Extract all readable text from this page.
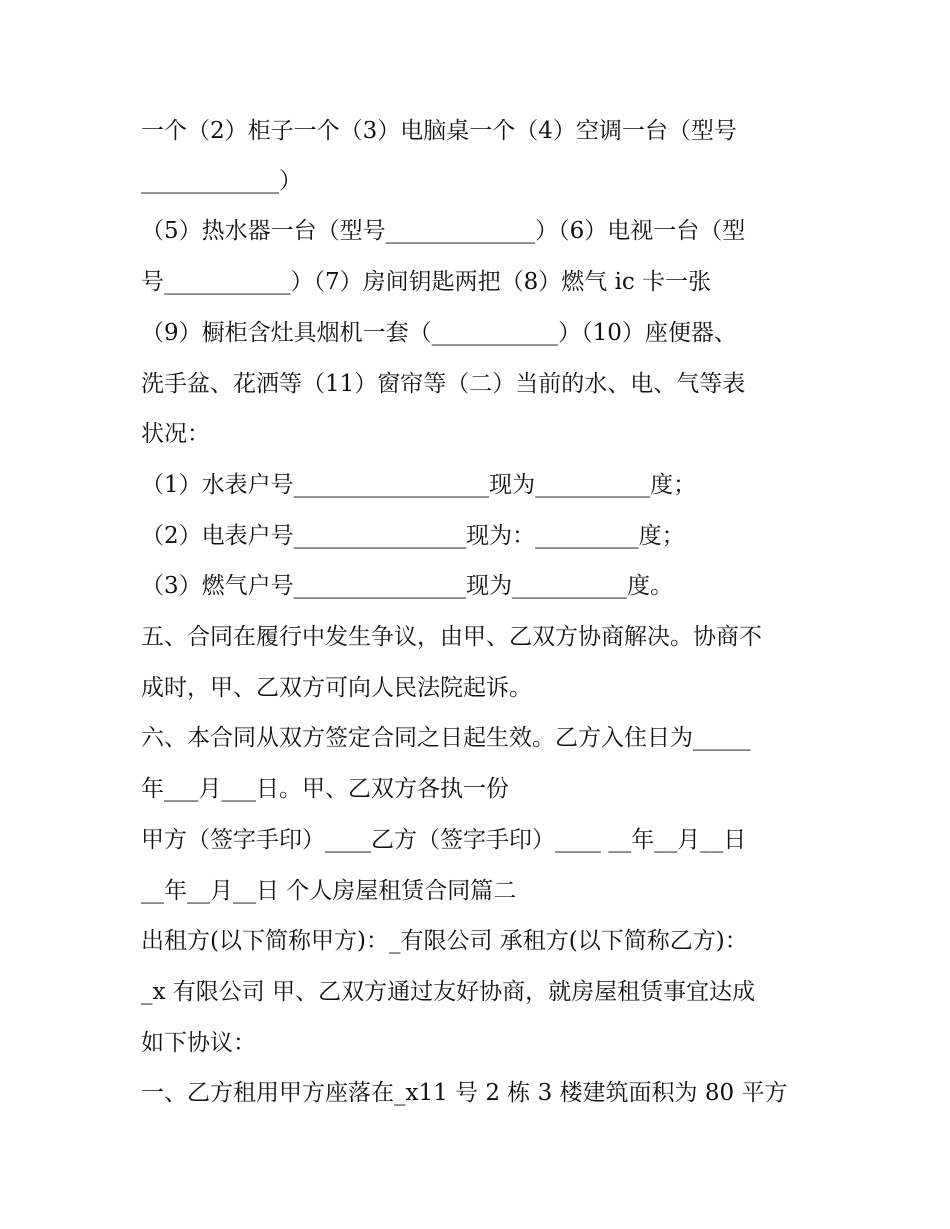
一个（2）柜子一个（3）电脑桌一个（4）空调一台（型号

____________）

（5）热水器一台（型号_____________）（6）电视一台（型

号___________）（7）房间钥匙两把（8）燃气 ic 卡一张

（9）橱柜含灶具烟机一套（___________）（10）座便器、

洗手盆、花洒等（11）窗帘等（二）当前的水、电、气等表

状况：

（1）水表户号_________________现为__________度；

（2）电表户号_______________现为：_________度；

（3）燃气户号_______________现为__________度。

五、合同在履行中发生争议，由甲、乙双方协商解决。协商不

成时，甲、乙双方可向人民法院起诉。

六、本合同从双方签定合同之日起生效。乙方入住日为_____

年___月___日。甲、乙双方各执一份

甲方（签字手印）____乙方（签字手印）____ __年__月__日

__年__月__日 个人房屋租赁合同篇二

出租方(以下简称甲方)：_有限公司 承租方(以下简称乙方)：

_x 有限公司 甲、乙双方通过友好协商，就房屋租赁事宜达成

如下协议：

一、乙方租用甲方座落在_x11 号 2 栋 3 楼建筑面积为 80 平方
